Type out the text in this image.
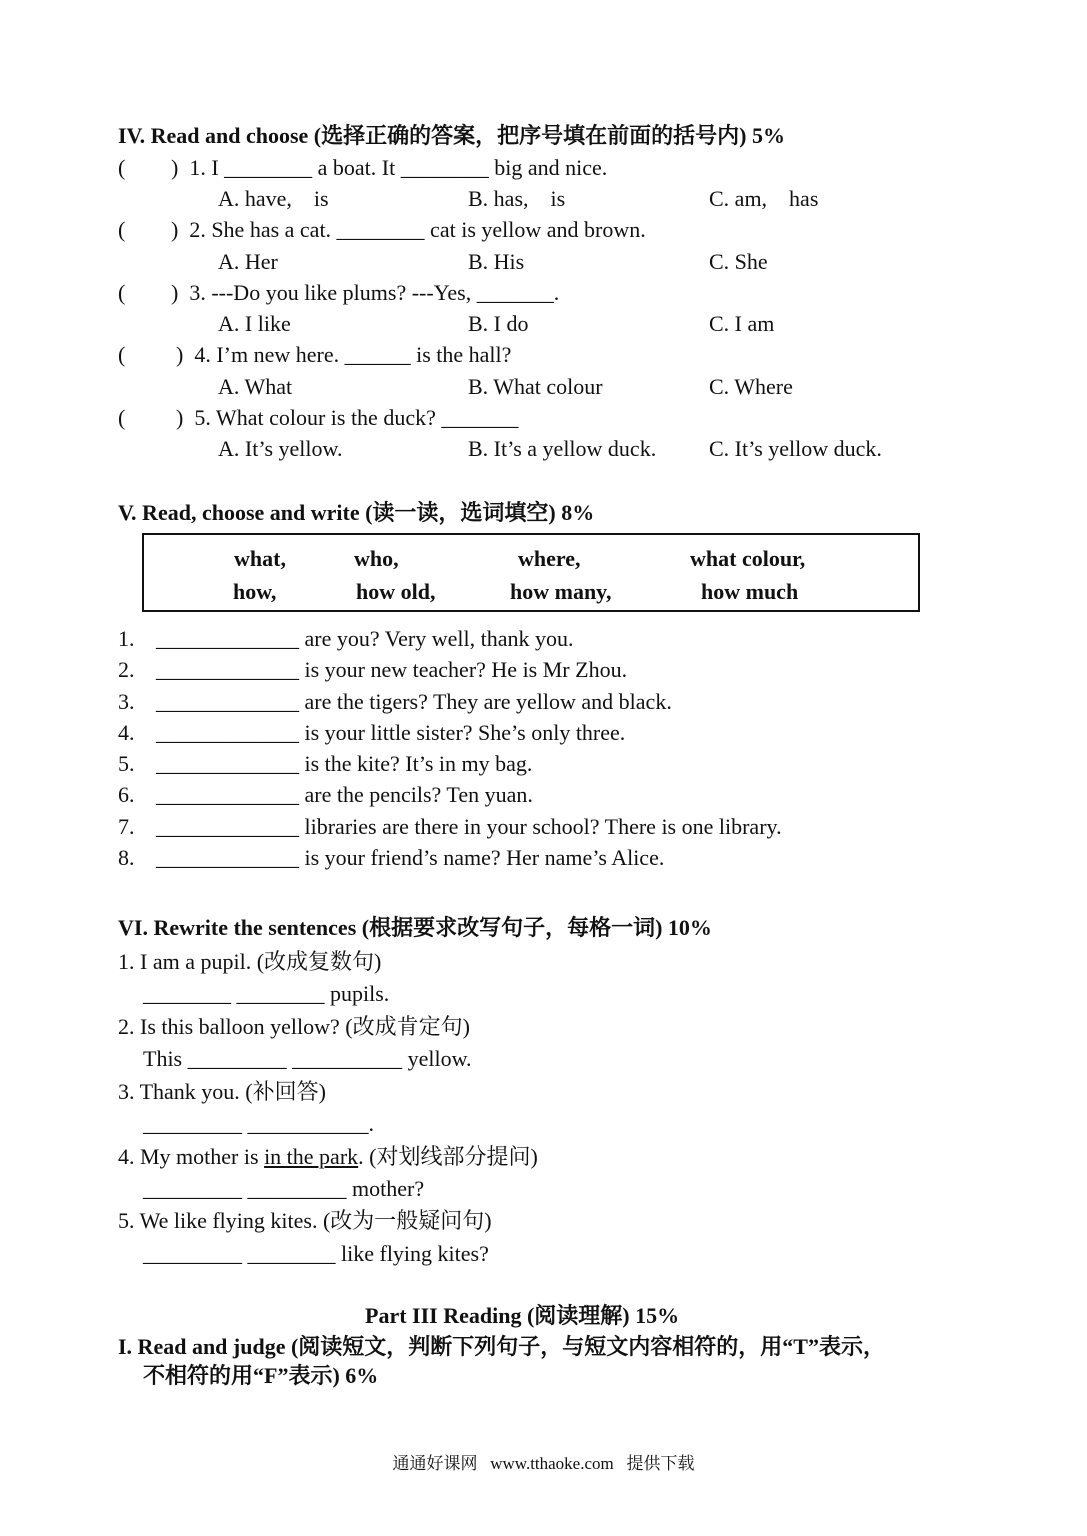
IV. Read and choose (选择正确的答案，把序号填在前面的括号内) 5%
( )  1. I ________ a boat. It ________ big and nice.
A. have,    is	B. has,    is	C. am,    has
( )  2. She has a cat. ________ cat is yellow and brown.
A. Her	B. His	C. She
( )  3. ---Do you like plums? ---Yes, _______.
A. I like	B. I do	C. I am
( )  4. I’m new here. ______ is the hall?
A. What	B. What colour	C. Where
( )  5. What colour is the duck? _______
A. It’s yellow.	B. It’s a yellow duck. C. It’s yellow duck.
V. Read, choose and write (读一读，选词填空) 8%
what,	who,	where,	what colour,
how,	how old,	how many,	how much
1. _____________ are you? Very well, thank you.
2. _____________ is your new teacher? He is Mr Zhou.
3. _____________ are the tigers? They are yellow and black.
4. _____________ is your little sister? She’s only three.
5. _____________ is the kite? It’s in my bag.
6. _____________ are the pencils? Ten yuan.
7. _____________ libraries are there in your school? There is one library.
8. _____________ is your friend’s name? Her name’s Alice.
VI. Rewrite the sentences (根据要求改写句子，每格一词) 10%
1. I am a pupil. (改成复数句)
________ ________ pupils.
2. Is this balloon yellow? (改成肯定句)
This _________ __________ yellow.
3. Thank you. (补回答)
_________ ___________.
4. My mother is in the park. (对划线部分提问)
_________ _________ mother?
5. We like flying kites. (改为一般疑问句)
_________ ________ like flying kites?
Part III Reading (阅读理解) 15%
I. Read and judge (阅读短文，判断下列句子，与短文内容相符的，用“T”表示，
不相符的用“F”表示) 6%
通通好课网   www.tthaoke.com   提供下载
